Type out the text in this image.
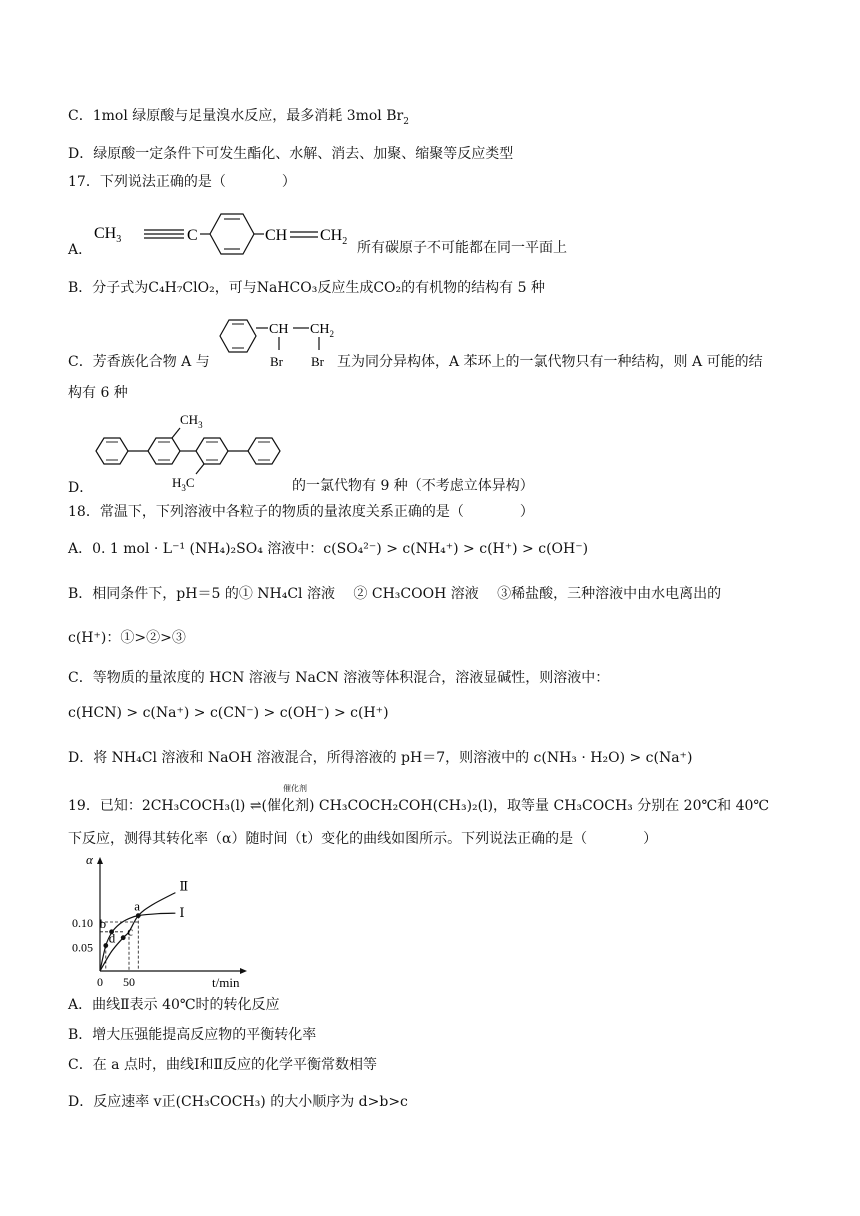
C．1mol 绿原酸与足量溴水反应，最多消耗 3mol $Br_2$
D．绿原酸一定条件下可发生酯化、水解、消去、加聚、缩聚等反应类型
17．下列说法正确的是（　　　　）
A．
$CH_3$	C	CH $CH_2$ 所有碳原子不可能都在同一平面上
B．分子式为C₄H₇ClO₂，可与NaHCO₃反应生成CO₂的有机物的结构有 5 种
C．芳香族化合物 A 与
CH $CH_2$
Br Br 互为同分异构体，A 苯环上的一氯代物只有一种结构，则 A 可能的结
构有 6 种
D．
$CH_3$
$H_3C$	的一氯代物有 9 种（不考虑立体异构）
18．常温下，下列溶液中各粒子的物质的量浓度关系正确的是（　　　　）
A．0. 1 mol · L⁻¹ (NH₄)₂SO₄ 溶液中：c(SO₄²⁻) > c(NH₄⁺) > c(H⁺) > c(OH⁻)
B．相同条件下，pH＝5 的① NH₄Cl 溶液　 ② CH₃COOH 溶液　 ③稀盐酸，三种溶液中由水电离出的
c(H⁺)：①>②>③
C．等物质的量浓度的 HCN 溶液与 NaCN 溶液等体积混合，溶液显碱性，则溶液中：
c(HCN) > c(Na⁺) > c(CN⁻) > c(OH⁻) > c(H⁺)
D．将 NH₄Cl 溶液和 NaOH 溶液混合，所得溶液的 pH＝7，则溶液中的 c(NH₃ · H₂O) > c(Na⁺)
19．已知：2CH₃COCH₃(l) ⇌(催化剂) CH₃COCH₂COH(CH₃)₂(l)，取等量 CH₃COCH₃ 分别在 20℃和 40℃
催化剂
下反应，测得其转化率（α）随时间（t）变化的曲线如图所示。下列说法正确的是（　　　　）
α
t/min
0.05
0.10
0 50
Ⅰ
Ⅱ
a
b
c
d
A．曲线Ⅱ表示 40℃时的转化反应
B．增大压强能提高反应物的平衡转化率
C．在 a 点时，曲线Ⅰ和Ⅱ反应的化学平衡常数相等
D．反应速率 v正(CH₃COCH₃) 的大小顺序为 d>b>c
